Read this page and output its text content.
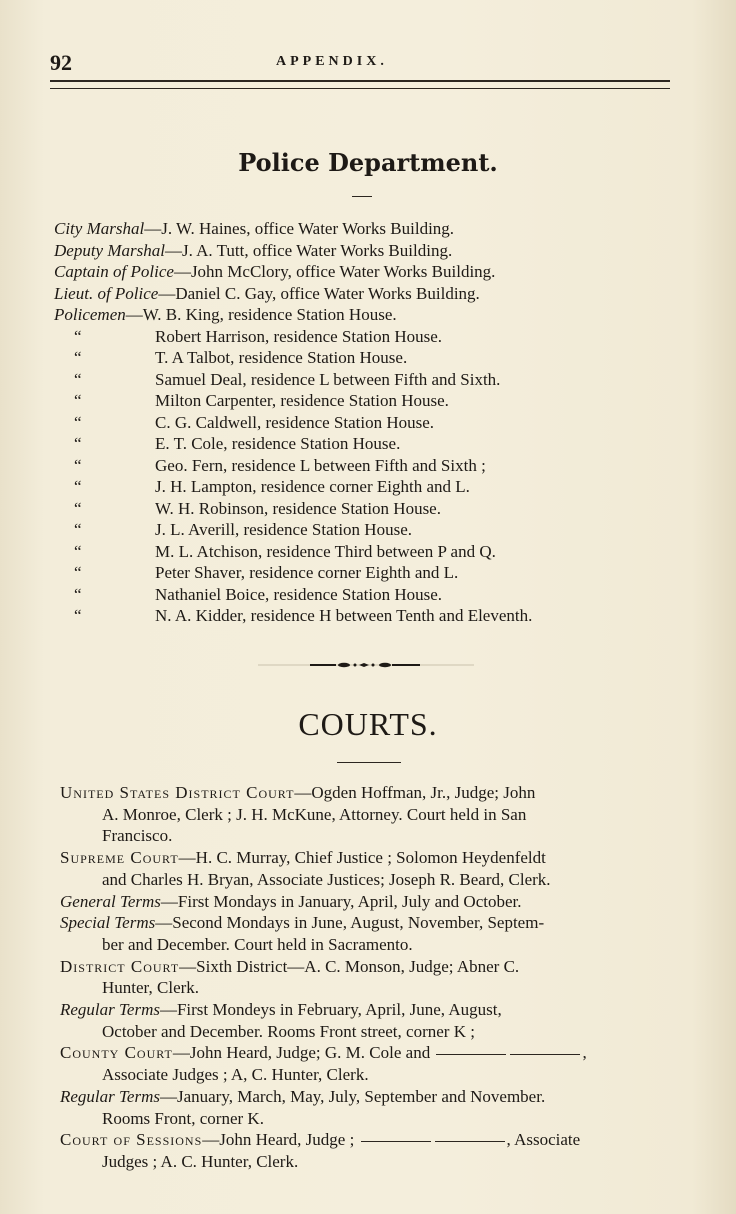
92	APPENDIX.
Police Department.
City Marshal—J. W. Haines, office Water Works Building.
Deputy Marshal—J. A. Tutt, office Water Works Building.
Captain of Police—John McClory, office Water Works Building.
Lieut. of Police—Daniel C. Gay, office Water Works Building.
Policemen—W. B. King, residence Station House.
“	Robert Harrison, residence Station House.
“	T. A Talbot, residence Station House.
“	Samuel Deal, residence L between Fifth and Sixth.
“	Milton Carpenter, residence Station House.
“	C. G. Caldwell, residence Station House.
“	E. T. Cole, residence Station House.
“	Geo. Fern, residence L between Fifth and Sixth ;
“	J. H. Lampton, residence corner Eighth and L.
“	W. H. Robinson, residence Station House.
“	J. L. Averill, residence Station House.
“	M. L. Atchison, residence Third between P and Q.
“	Peter Shaver, residence corner Eighth and L.
“	Nathaniel Boice, residence Station House.
“	N. A. Kidder, residence H between Tenth and Eleventh.
COURTS.
United States District Court—Ogden Hoffman, Jr., Judge; John
A. Monroe, Clerk ; J. H. McKune, Attorney. Court held in San
Francisco.
Supreme Court—H. C. Murray, Chief Justice ; Solomon Heydenfeldt
and Charles H. Bryan, Associate Justices; Joseph R. Beard, Clerk.
General Terms—First Mondays in January, April, July and October.
Special Terms—Second Mondays in June, August, November, Septem-
ber and December. Court held in Sacramento.
District Court—Sixth District—A. C. Monson, Judge; Abner C.
Hunter, Clerk.
Regular Terms—First Mondeys in February, April, June, August,
October and December. Rooms Front street, corner K ;
County Court—John Heard, Judge; G. M. Cole and	,
Associate Judges ; A, C. Hunter, Clerk.
Regular Terms—January, March, May, July, September and November.
Rooms Front, corner K.
Court of Sessions—John Heard, Judge ;	, Associate
Judges ; A. C. Hunter, Clerk.
